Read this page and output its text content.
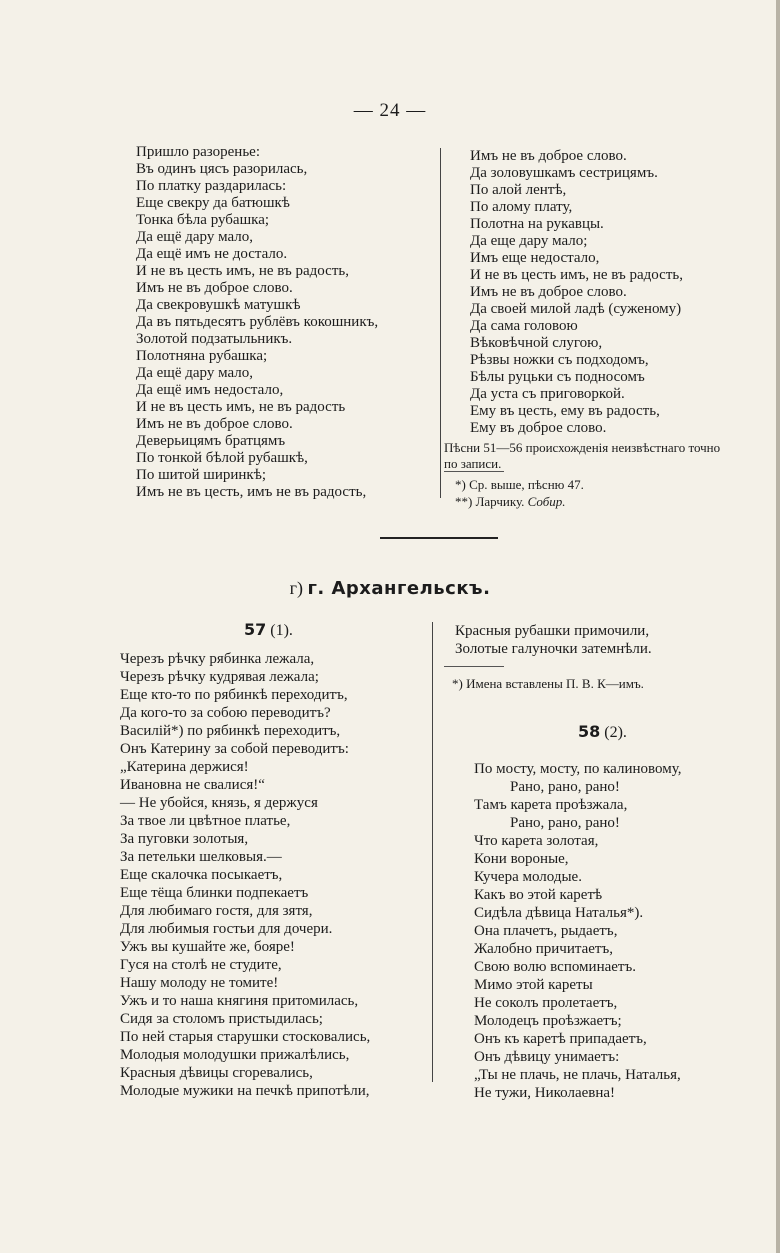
— 24 —
Пришло разоренье:
Въ одинъ цясъ разорилась,
По платку раздарилась:
Еще свекру да батюшкѣ
Тонка бѣла рубашка;
Да ещё дару мало,
Да ещё имъ не достало.
И не въ цесть имъ, не въ радость,
Имъ не въ доброе слово.
Да свекровушкѣ матушкѣ
Да въ пятьдесятъ рублёвъ кокошникъ,
Золотой подзатыльникъ.
Полотняна рубашка;
Да ещё дару мало,
Да ещё имъ недостало,
И не въ цесть имъ, не въ радость
Имъ не въ доброе слово.
Деверьицямъ братцямъ
По тонкой бѣлой рубашкѣ,
По шитой ширинкѣ;
Имъ не въ цесть, имъ не въ радость,
Имъ не въ доброе слово.
Да золовушкамъ сестрицямъ.
По алой лентѣ,
По алому плату,
Полотна на рукавцы.
Да еще дару мало;
Имъ еще недостало,
И не въ цесть имъ, не въ радость,
Имъ не въ доброе слово.
Да своей милой ладѣ (суженому)
Да сама головою
Вѣковѣчной слугою,
Рѣзвы ножки съ подходомъ,
Бѣлы руцьки съ подносомъ
Да уста съ приговоркой.
Ему въ цесть, ему въ радость,
Ему въ доброе слово.
Пѣсни 51—56 происхожденія неизвѣстнаго точно
по записи.
*) Ср. выше, пѣсню 47.
**) Ларчику. Собир.
г) г. Архангельскъ.
57 (1).
Черезъ рѣчку рябинка лежала,
Черезъ рѣчку кудрявая лежала;
Еще кто-то по рябинкѣ переходитъ,
Да кого-то за собою переводитъ?
Василій*) по рябинкѣ переходитъ,
Онъ Катерину за собой переводитъ:
„Катерина держися!
Ивановна не свалися!“
— Не убойся, князь, я держуся
За твое ли цвѣтное платье,
За пуговки золотыя,
За петельки шелковыя.—
Еще скалочка посыкаетъ,
Еще тёща блинки подпекаетъ
Для любимаго гостя, для зятя,
Для любимыя гостьи для дочери.
Ужъ вы кушайте же, бояре!
Гуся на столѣ не студите,
Нашу молоду не томите!
Ужъ и то наша княгиня притомилась,
Сидя за столомъ пристыдилась;
По ней старыя старушки стосковались,
Молодыя молодушки прижалѣлись,
Красныя дѣвицы сгоревались,
Молодые мужики на печкѣ припотѣли,
Красныя рубашки примочили,
Золотые галуночки затемнѣли.
*) Имена вставлены П. В. К—имъ.
58 (2).
По мосту, мосту, по калиновому,
Рано, рано, рано!
Тамъ карета проѣзжала,
Рано, рано, рано!
Что карета золотая,
Кони вороные,
Кучера молодые.
Какъ во этой каретѣ
Сидѣла дѣвица Наталья*).
Она плачетъ, рыдаетъ,
Жалобно причитаетъ,
Свою волю вспоминаетъ.
Мимо этой кареты
Не соколъ пролетаетъ,
Молодецъ проѣзжаетъ;
Онъ къ каретѣ припадаетъ,
Онъ дѣвицу унимаетъ:
„Ты не плачь, не плачь, Наталья,
Не тужи, Николаевна!
